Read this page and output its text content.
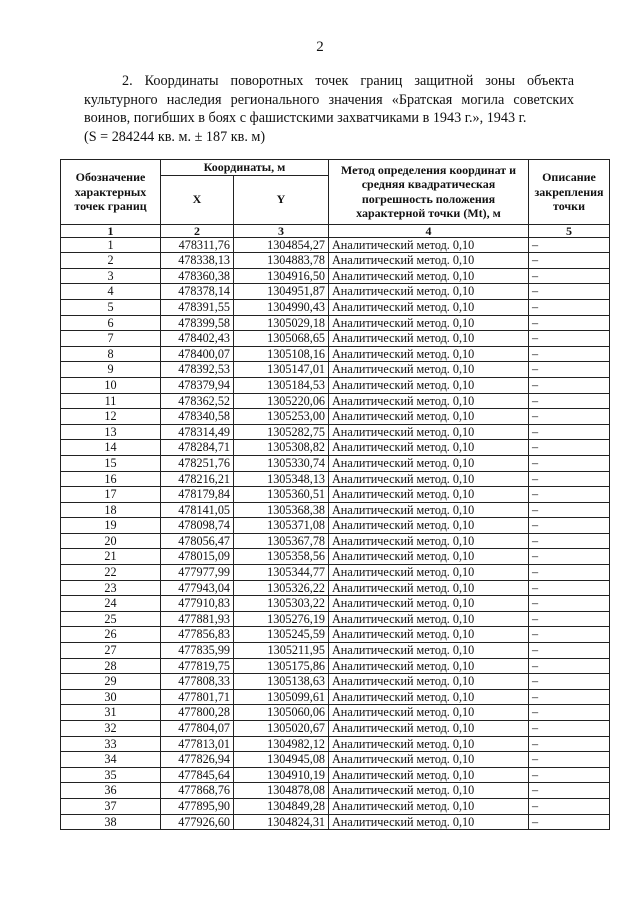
2

2. Координаты поворотных точек границ защитной зоны объекта культурного наследия регионального значения «Братская могила советских воинов, погибших в боях с фашистскими захватчиками в 1943 г.», 1943 г.

(S = 284244 кв. м. ± 187 кв. м)

Обозначение характерных точек границ	Координаты, м		Метод определения координат и средняя квадратическая погрешность положения характерной точки (Mt), м	Описание закрепления точки
	X	Y		
1	2	3	4	5
1	478311,76	1304854,27	Аналитический метод. 0,10	–
2	478338,13	1304883,78	Аналитический метод. 0,10	–
3	478360,38	1304916,50	Аналитический метод. 0,10	–
4	478378,14	1304951,87	Аналитический метод. 0,10	–
5	478391,55	1304990,43	Аналитический метод. 0,10	–
6	478399,58	1305029,18	Аналитический метод. 0,10	–
7	478402,43	1305068,65	Аналитический метод. 0,10	–
8	478400,07	1305108,16	Аналитический метод. 0,10	–
9	478392,53	1305147,01	Аналитический метод. 0,10	–
10	478379,94	1305184,53	Аналитический метод. 0,10	–
11	478362,52	1305220,06	Аналитический метод. 0,10	–
12	478340,58	1305253,00	Аналитический метод. 0,10	–
13	478314,49	1305282,75	Аналитический метод. 0,10	–
14	478284,71	1305308,82	Аналитический метод. 0,10	–
15	478251,76	1305330,74	Аналитический метод. 0,10	–
16	478216,21	1305348,13	Аналитический метод. 0,10	–
17	478179,84	1305360,51	Аналитический метод. 0,10	–
18	478141,05	1305368,38	Аналитический метод. 0,10	–
19	478098,74	1305371,08	Аналитический метод. 0,10	–
20	478056,47	1305367,78	Аналитический метод. 0,10	–
21	478015,09	1305358,56	Аналитический метод. 0,10	–
22	477977,99	1305344,77	Аналитический метод. 0,10	–
23	477943,04	1305326,22	Аналитический метод. 0,10	–
24	477910,83	1305303,22	Аналитический метод. 0,10	–
25	477881,93	1305276,19	Аналитический метод. 0,10	–
26	477856,83	1305245,59	Аналитический метод. 0,10	–
27	477835,99	1305211,95	Аналитический метод. 0,10	–
28	477819,75	1305175,86	Аналитический метод. 0,10	–
29	477808,33	1305138,63	Аналитический метод. 0,10	–
30	477801,71	1305099,61	Аналитический метод. 0,10	–
31	477800,28	1305060,06	Аналитический метод. 0,10	–
32	477804,07	1305020,67	Аналитический метод. 0,10	–
33	477813,01	1304982,12	Аналитический метод. 0,10	–
34	477826,94	1304945,08	Аналитический метод. 0,10	–
35	477845,64	1304910,19	Аналитический метод. 0,10	–
36	477868,76	1304878,08	Аналитический метод. 0,10	–
37	477895,90	1304849,28	Аналитический метод. 0,10	–
38	477926,60	1304824,31	Аналитический метод. 0,10	–
